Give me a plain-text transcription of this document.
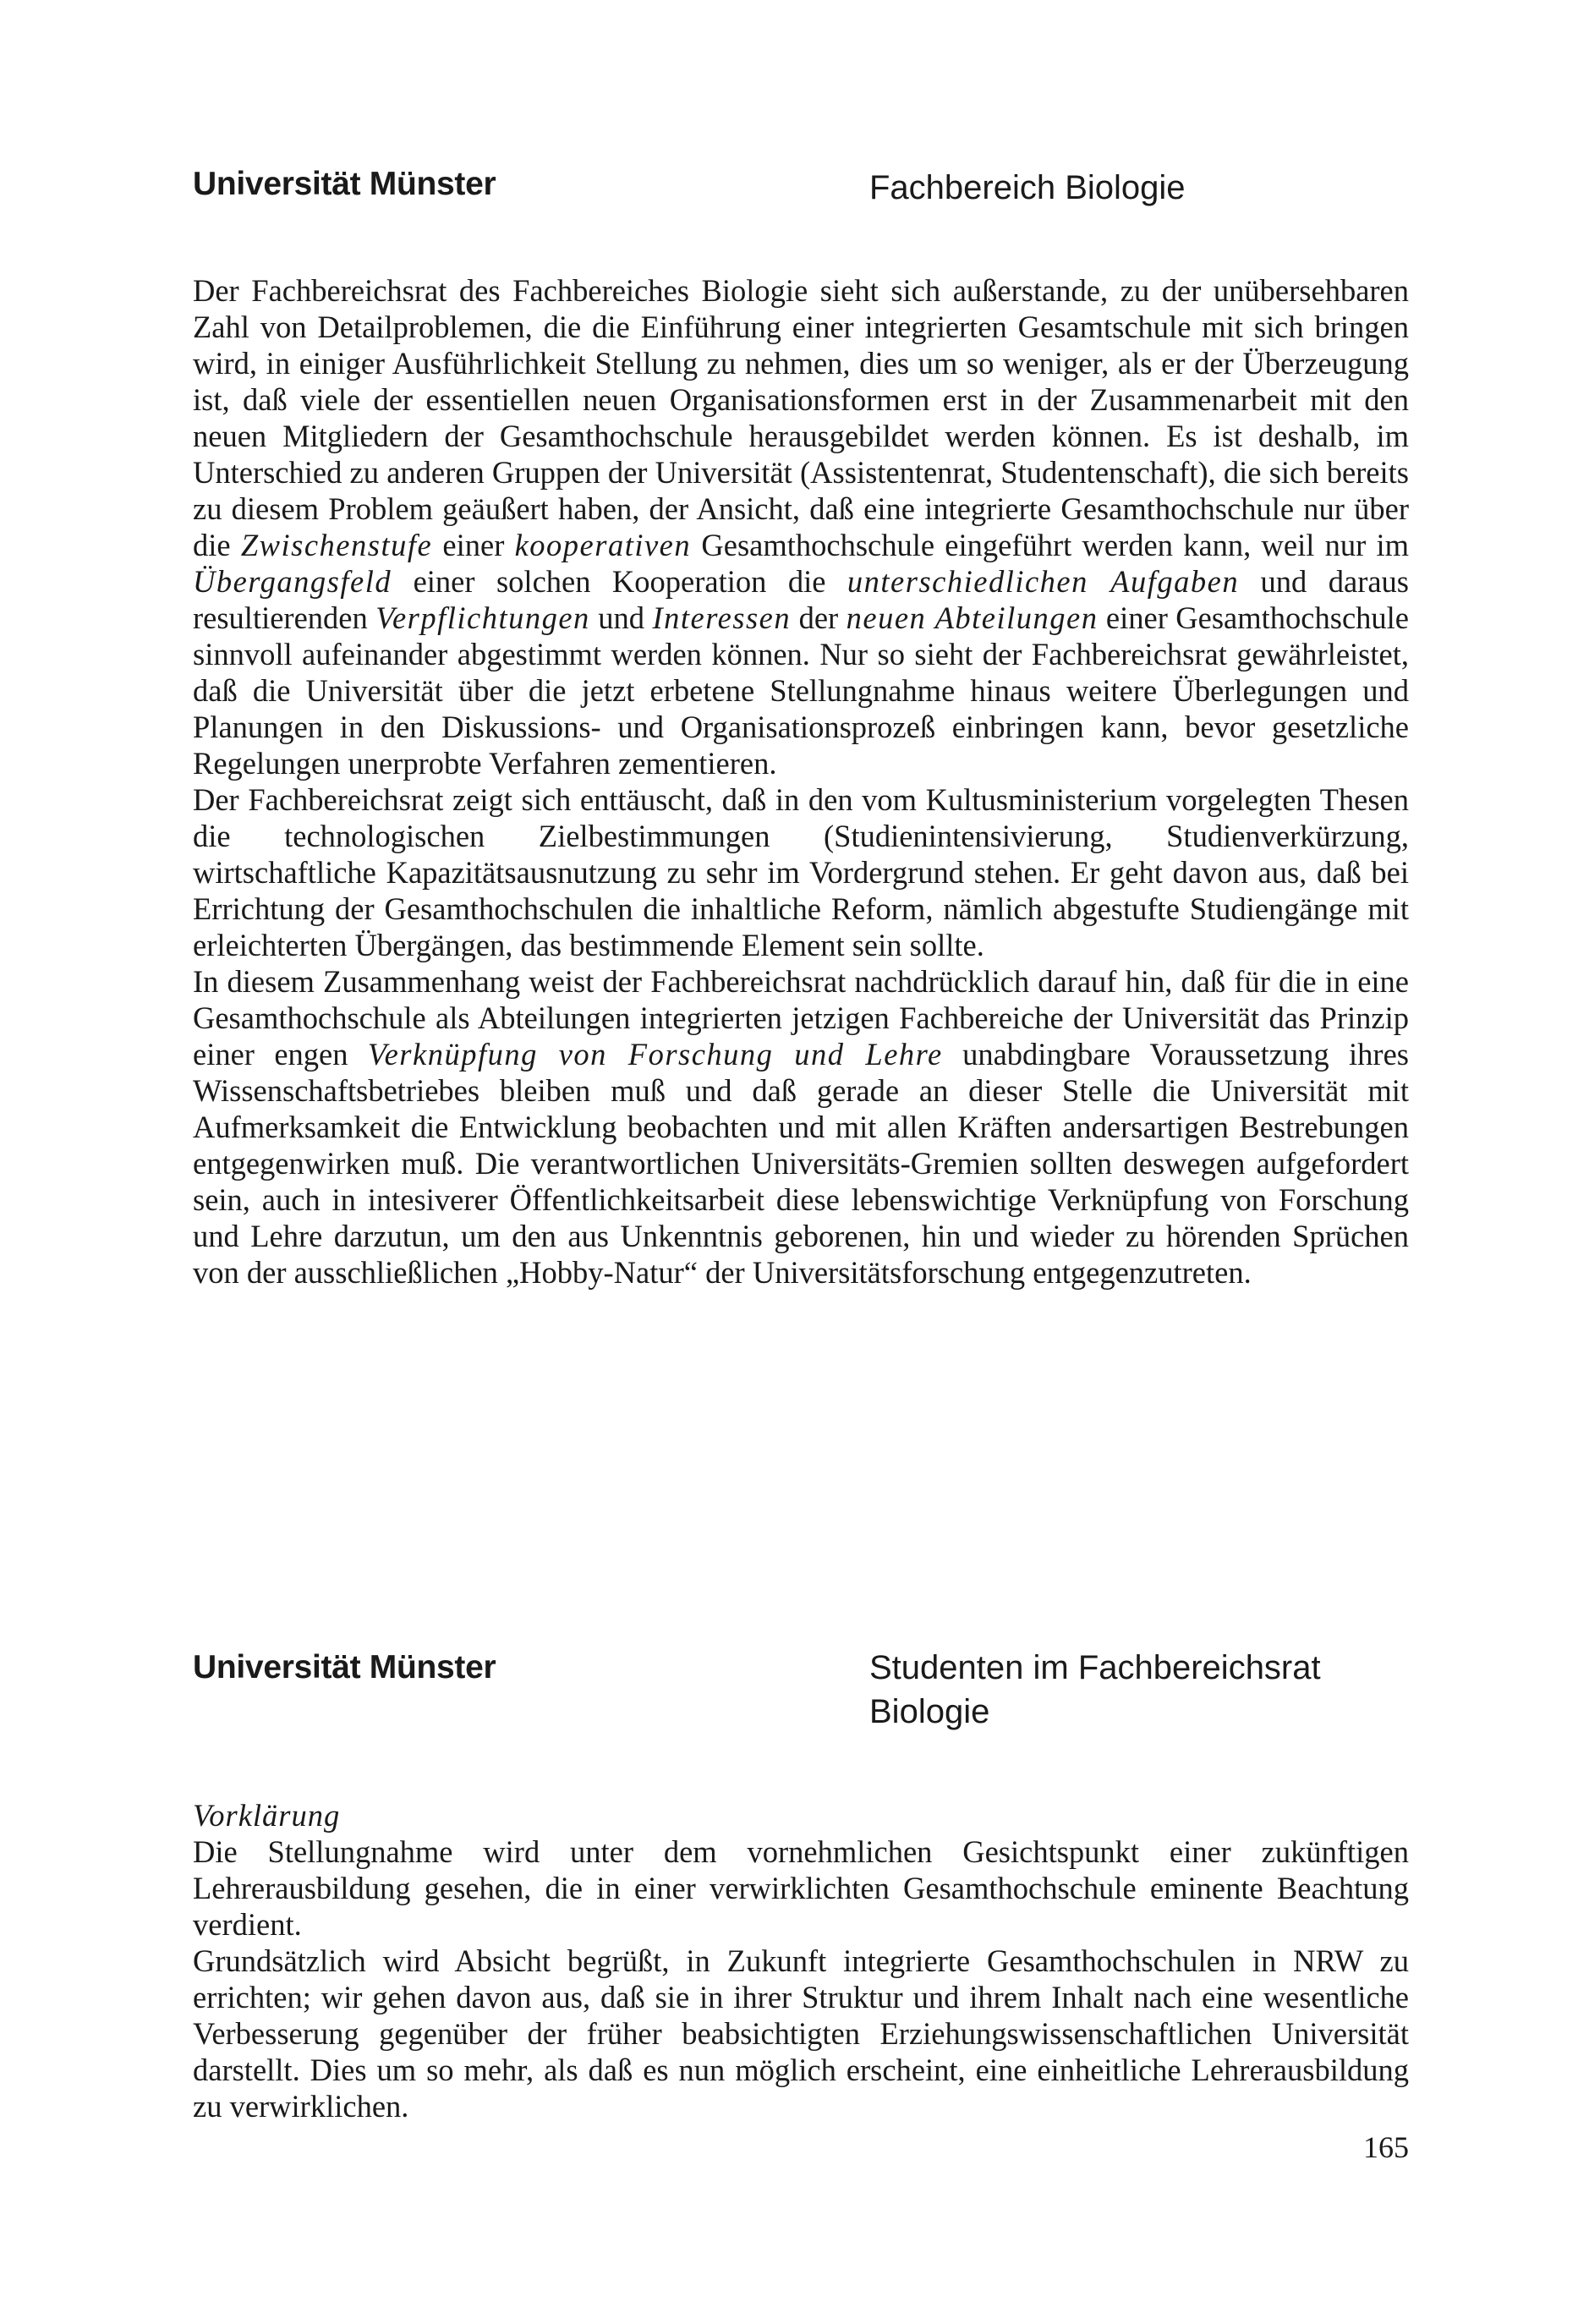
Universität Münster	Fachbereich Biologie

Der Fachbereichsrat des Fachbereiches Biologie sieht sich außerstande, zu der unübersehbaren Zahl von Detailproblemen, die die Einführung einer integrierten Gesamtschule mit sich bringen wird, in einiger Ausführlichkeit Stellung zu nehmen, dies um so weniger, als er der Überzeugung ist, daß viele der essentiellen neuen Organisationsformen erst in der Zusammenarbeit mit den neuen Mitgliedern der Gesamthochschule herausgebildet werden können. Es ist deshalb, im Unterschied zu anderen Gruppen der Universität (Assistentenrat, Studentenschaft), die sich bereits zu diesem Problem geäußert haben, der Ansicht, daß eine integrierte Gesamthochschule nur über die Zwischenstufe einer kooperativen Gesamthochschule eingeführt werden kann, weil nur im Übergangsfeld einer solchen Kooperation die unterschiedlichen Aufgaben und daraus resultierenden Verpflichtungen und Interessen der neuen Abteilungen einer Gesamthochschule sinnvoll aufeinander abgestimmt werden können. Nur so sieht der Fachbereichsrat gewährleistet, daß die Universität über die jetzt erbetene Stellungnahme hinaus weitere Überlegungen und Planungen in den Diskussions- und Organisationsprozeß einbringen kann, bevor gesetzliche Regelungen unerprobte Verfahren zementieren.

Der Fachbereichsrat zeigt sich enttäuscht, daß in den vom Kultusministerium vorgelegten Thesen die technologischen Zielbestimmungen (Studienintensivierung, Studienverkürzung, wirtschaftliche Kapazitätsausnutzung zu sehr im Vordergrund stehen. Er geht davon aus, daß bei Errichtung der Gesamthochschulen die inhaltliche Reform, nämlich abgestufte Studiengänge mit erleichterten Übergängen, das bestimmende Element sein sollte.

In diesem Zusammenhang weist der Fachbereichsrat nachdrücklich darauf hin, daß für die in eine Gesamthochschule als Abteilungen integrierten jetzigen Fachbereiche der Universität das Prinzip einer engen Verknüpfung von Forschung und Lehre unabdingbare Voraussetzung ihres Wissenschaftsbetriebes bleiben muß und daß gerade an dieser Stelle die Universität mit Aufmerksamkeit die Entwicklung beobachten und mit allen Kräften andersartigen Bestrebungen entgegenwirken muß. Die verantwortlichen Universitäts-Gremien sollten deswegen aufgefordert sein, auch in intesiverer Öffentlichkeitsarbeit diese lebenswichtige Verknüpfung von Forschung und Lehre darzutun, um den aus Unkenntnis geborenen, hin und wieder zu hörenden Sprüchen von der ausschließlichen „Hobby-Natur“ der Universitätsforschung entgegenzutreten.

Universität Münster	Studenten im Fachbereichsrat Biologie

Vorklärung

Die Stellungnahme wird unter dem vornehmlichen Gesichtspunkt einer zukünftigen Lehrerausbildung gesehen, die in einer verwirklichten Gesamthochschule eminente Beachtung verdient.

Grundsätzlich wird Absicht begrüßt, in Zukunft integrierte Gesamthochschulen in NRW zu errichten; wir gehen davon aus, daß sie in ihrer Struktur und ihrem Inhalt nach eine wesentliche Verbesserung gegenüber der früher beabsichtigten Erziehungswissenschaftlichen Universität darstellt. Dies um so mehr, als daß es nun möglich erscheint, eine einheitliche Lehrerausbildung zu verwirklichen.

165
